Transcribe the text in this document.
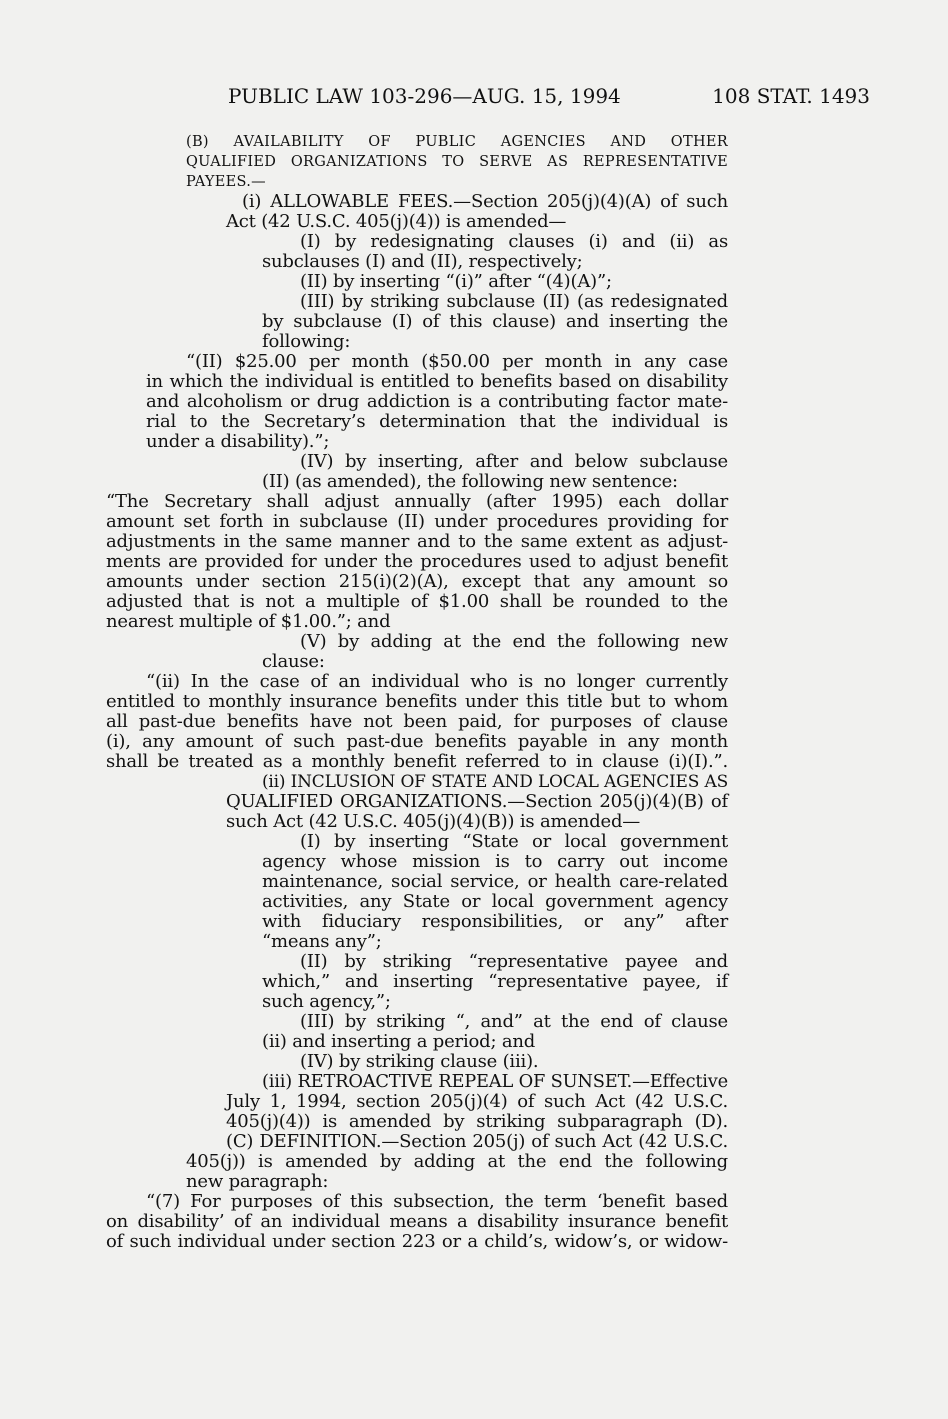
PUBLIC LAW 103-296—AUG. 15, 1994	108 STAT. 1493
(B) AVAILABILITY OF PUBLIC AGENCIES AND OTHER
QUALIFIED ORGANIZATIONS TO SERVE AS REPRESENTATIVE
PAYEES.—
(i) ALLOWABLE FEES.—Section 205(j)(4)(A) of such
Act (42 U.S.C. 405(j)(4)) is amended—
(I) by redesignating clauses (i) and (ii) as
subclauses (I) and (II), respectively;
(II) by inserting “(i)” after “(4)(A)”;
(III) by striking subclause (II) (as redesignated
by subclause (I) of this clause) and inserting the
following:
“(II) $25.00 per month ($50.00 per month in any case
in which the individual is entitled to benefits based on disability
and alcoholism or drug addiction is a contributing factor mate-
rial to the Secretary’s determination that the individual is
under a disability).”;
(IV) by inserting, after and below subclause
(II) (as amended), the following new sentence:
“The Secretary shall adjust annually (after 1995) each dollar
amount set forth in subclause (II) under procedures providing for
adjustments in the same manner and to the same extent as adjust-
ments are provided for under the procedures used to adjust benefit
amounts under section 215(i)(2)(A), except that any amount so
adjusted that is not a multiple of $1.00 shall be rounded to the
nearest multiple of $1.00.”; and
(V) by adding at the end the following new
clause:
“(ii) In the case of an individual who is no longer currently
entitled to monthly insurance benefits under this title but to whom
all past-due benefits have not been paid, for purposes of clause
(i), any amount of such past-due benefits payable in any month
shall be treated as a monthly benefit referred to in clause (i)(I).”.
(ii) INCLUSION OF STATE AND LOCAL AGENCIES AS
QUALIFIED ORGANIZATIONS.—Section 205(j)(4)(B) of
such Act (42 U.S.C. 405(j)(4)(B)) is amended—
(I) by inserting “State or local government
agency whose mission is to carry out income
maintenance, social service, or health care-related
activities, any State or local government agency
with fiduciary responsibilities, or any” after
“means any”;
(II) by striking “representative payee and
which,” and inserting “representative payee, if
such agency,”;
(III) by striking “, and” at the end of clause
(ii) and inserting a period; and
(IV) by striking clause (iii).
(iii) RETROACTIVE REPEAL OF SUNSET.—Effective
July 1, 1994, section 205(j)(4) of such Act (42 U.S.C.
405(j)(4)) is amended by striking subparagraph (D).
(C) DEFINITION.—Section 205(j) of such Act (42 U.S.C.
405(j)) is amended by adding at the end the following
new paragraph:
“(7) For purposes of this subsection, the term ‘benefit based
on disability’ of an individual means a disability insurance benefit
of such individual under section 223 or a child’s, widow’s, or widow-
